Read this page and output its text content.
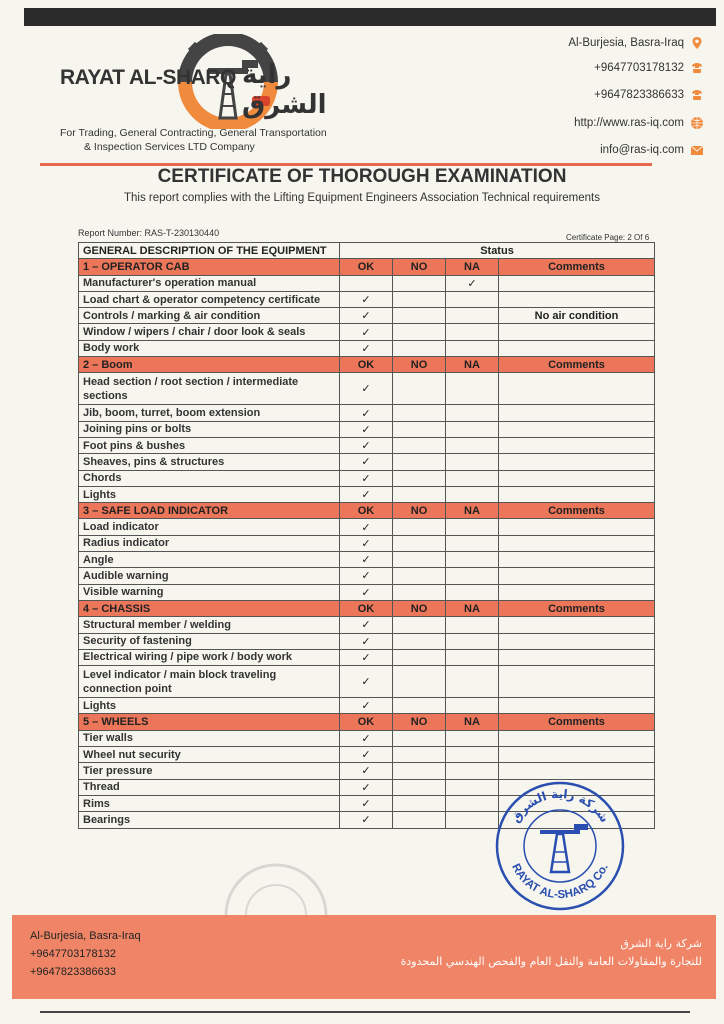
RAYAT AL-SHARQ راية الشرق
For Trading, General Contracting, General Transportation
& Inspection Services LTD Company
Al-Burjesia, Basra-Iraq
+9647703178132
+9647823386633
http://www.ras-iq.com
info@ras-iq.com
CERTIFICATE OF THOROUGH EXAMINATION
This report complies with the Lifting Equipment Engineers Association Technical requirements
Report Number: RAS-T-230130440	Certificate Page: 2 Of 6
GENERAL DESCRIPTION OF THE EQUIPMENT	Status			
1 – OPERATOR CAB	OK	NO	NA	Comments
Manufacturer's operation manual			✓	
Load chart & operator competency certificate	✓			
Controls / marking & air condition	✓			No air condition
Window / wipers / chair / door look & seals	✓			
Body work	✓			
2 – Boom	OK	NO	NA	Comments
Head section / root section / intermediate sections	✓			
Jib, boom, turret, boom extension	✓			
Joining pins or bolts	✓			
Foot pins & bushes	✓			
Sheaves, pins & structures	✓			
Chords	✓			
Lights	✓			
3 – SAFE LOAD INDICATOR	OK	NO	NA	Comments
Load indicator	✓			
Radius indicator	✓			
Angle	✓			
Audible warning	✓			
Visible warning	✓			
4 – CHASSIS	OK	NO	NA	Comments
Structural member / welding	✓			
Security of fastening	✓			
Electrical wiring / pipe work / body work	✓			
Level indicator / main block traveling connection point	✓			
Lights	✓			
5 – WHEELS	OK	NO	NA	Comments
Tier walls	✓			
Wheel nut security	✓			
Tier pressure	✓			
Thread	✓			
Rims	✓			
Bearings	✓				شركة راية الشرق
RAYAT AL-SHARQ Co.
Al-Burjesia, Basra-Iraq
+9647703178132
+9647823386633
شركة راية الشرق
للتجارة والمقاولات العامة والنقل العام والفحص الهندسي المحدودة
